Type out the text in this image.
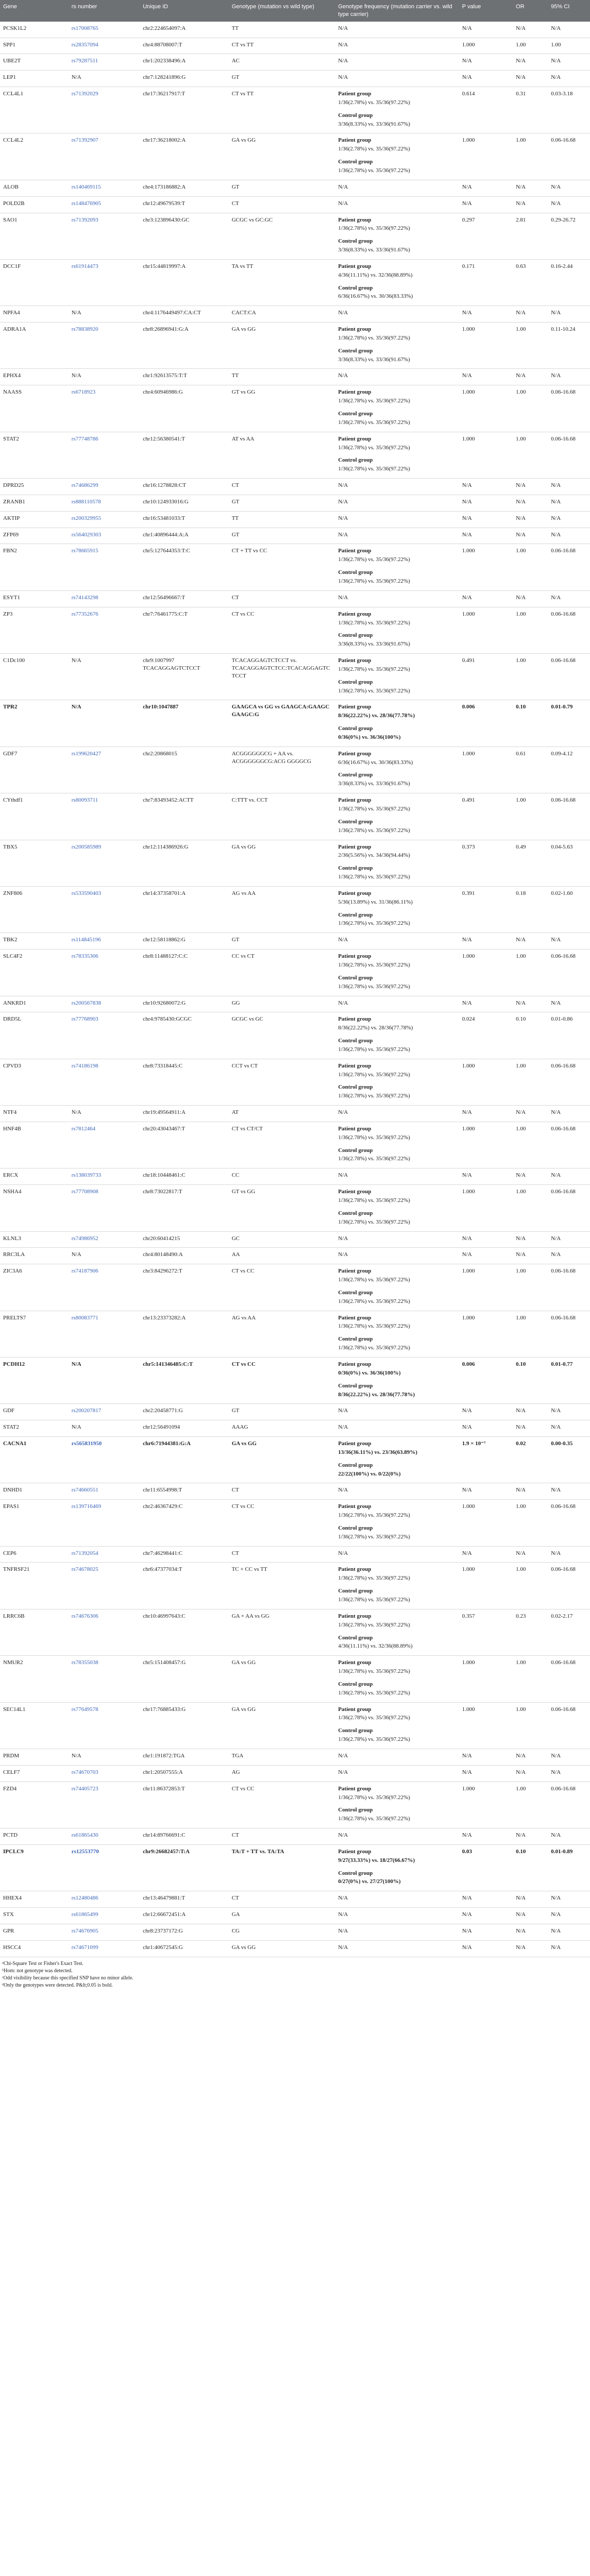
Gene	rs number	Unique ID	Genotype (mutation vs wild type)	Genotype frequency (mutation carrier vs. wild type carrier)	P value	OR	95% CI
PCSK1L2	rs17008765	chr2:224654097:A	TT	N/A	N/A	N/A	N/A
SPP1	rs28357094	chr4:88708007:T	CT vs TT	N/A	1.000	1.00	1.00
UBE2T	rs79287511	chr1:202338496:A	AC	N/A	N/A	N/A	N/A
LEP1	N/A	chr7:128241896:G	GT	N/A	N/A	N/A	N/A
CCL4L1	rs71392029	chr17:36217917:T	CT vs TT	Patient group
1/36(2.78%) vs. 35/36(97.22%)
Control group
3/36(8.33%) vs. 33/36(91.67%)	0.614	0.31	0.03-3.18
CCL4L2	rs71392907	chr17:36218002:A	GA vs GG	Patient group
1/36(2.78%) vs. 35/36(97.22%)
Control group
1/36(2.78%) vs. 35/36(97.22%)	1.000	1.00	0.06-16.68
ALOB	rs140469115	chr4:173186882:A	GT	N/A	N/A	N/A	N/A
POLD2B	rs148476905	chr12:49679539:T	CT	N/A	N/A	N/A	N/A
SAO1	rs71392093	chr3:123896430:GC	GCGC vs GC:GC	Patient group
1/36(2.78%) vs. 35/36(97.22%)
Control group
3/36(8.33%) vs. 33/36(91.67%)	0.297	2.81	0.29-26.72
DCC1F	rs61914473	chr15:44819997:A	TA vs TT	Patient group
4/36(11.11%) vs. 32/36(88.89%)
Control group
6/36(16.67%) vs. 30/36(83.33%)	0.171	0.63	0.16-2.44
NPFA4	N/A	chr4:1176449497:CA:CT	CACT:CA	N/A	N/A	N/A	N/A
ADRA1A	rs78838920	chr8:26896941:G:A	GA vs GG	Patient group
1/36(2.78%) vs. 35/36(97.22%)
Control group
3/36(8.33%) vs. 33/36(91.67%)	1.000	1.00	0.11-10.24
EPHX4	N/A	chr1:92613575:T:T	TT	N/A	N/A	N/A	N/A
NAASS	rs6718923	chr4:60946986:G	GT vs GG	Patient group
1/36(2.78%) vs. 35/36(97.22%)
Control group
1/36(2.78%) vs. 35/36(97.22%)	1.000	1.00	0.06-16.68
STAT2	rs77748786	chr12:56380541:T	AT vs AA	Patient group
1/36(2.78%) vs. 35/36(97.22%)
Control group
1/36(2.78%) vs. 35/36(97.22%)	1.000	1.00	0.06-16.68
DPRD25	rs74686299	chr16:1278828:CT	CT	N/A	N/A	N/A	N/A
ZRANB1	rs888110578	chr10:124933016:G	GT	N/A	N/A	N/A	N/A
AKTIP	rs200329955	chr16:53481033:T	TT	N/A	N/A	N/A	N/A
ZFP69	rs564029303	chr1:40896444:A:A	GT	N/A	N/A	N/A	N/A
FBN2	rs78665915	chr5:127644353:T:C	CT + TT vs CC	Patient group
1/36(2.78%) vs. 35/36(97.22%)
Control group
1/36(2.78%) vs. 35/36(97.22%)	1.000	1.00	0.06-16.68
ESYT1	rs74143298	chr12:56496667:T	CT	N/A	N/A	N/A	N/A
ZP3	rs77352676	chr7:76461775:C:T	CT vs CC	Patient group
1/36(2.78%) vs. 35/36(97.22%)
Control group
3/36(8.33%) vs. 33/36(91.67%)	1.000	1.00	0.06-16.68
C1Dc100	N/A	chr9:1007997 TCACAGGAGTCTCCT	TCACAGGAGTCTCCT vs. TCACAGGAGTCTCC:TCACAGGAGTCTCCT	Patient group
1/36(2.78%) vs. 35/36(97.22%)
Control group
1/36(2.78%) vs. 35/36(97.22%)	0.491	1.00	0.06-16.68
TPR2	N/A	chr10:1047887	GAAGCA vs GG vs GAAGCA:GAAGC GAAGC:G	Patient group
8/36(22.22%) vs. 28/36(77.78%)
Control group
0/36(0%) vs. 36/36(100%)	0.006	0.10	0.01-0.79
GDF7	rs199620427	chr2:20868015	ACGGGGGGCG + AA vs. ACGGGGGGCG:ACG GGGGCG	Patient group
6/36(16.67%) vs. 30/36(83.33%)
Control group
3/36(8.33%) vs. 33/36(91.67%)	1.000	0.61	0.09-4.12
CYthdf1	rs80093711	chr7:83493452:ACTT	C:TTT vs. CCT	Patient group
1/36(2.78%) vs. 35/36(97.22%)
Control group
1/36(2.78%) vs. 35/36(97.22%)	0.491	1.00	0.06-16.68
TBX5	rs200585989	chr12:114386926:G	GA vs GG	Patient group
2/36(5.56%) vs. 34/36(94.44%)
Control group
1/36(2.78%) vs. 35/36(97.22%)	0.373	0.49	0.04-5.63
ZNF806	rs533590403	chr14:37358701:A	AG vs AA	Patient group
5/36(13.89%) vs. 31/36(86.11%)
Control group
1/36(2.78%) vs. 35/36(97.22%)	0.391	0.18	0.02-1.60
TBK2	rs114845196	chr12:58118862:G	GT	N/A	N/A	N/A	N/A
SLC4F2	rs78335306	chr8:11488127:C:C	CC vs CT	Patient group
1/36(2.78%) vs. 35/36(97.22%)
Control group
1/36(2.78%) vs. 35/36(97.22%)	1.000	1.00	0.06-16.68
ANKRD1	rs200567838	chr10:92680072:G	GG	N/A	N/A	N/A	N/A
DRD5L	rs77768903	chr4:9785430:GCGC	GCGC vs GC	Patient group
8/36(22.22%) vs. 28/36(77.78%)
Control group
1/36(2.78%) vs. 35/36(97.22%)	0.024	0.10	0.01-0.86
CPVD3	rs74186198	chr8:73318445:C	CCT vs CT	Patient group
1/36(2.78%) vs. 35/36(97.22%)
Control group
1/36(2.78%) vs. 35/36(97.22%)	1.000	1.00	0.06-16.68
NTF4	N/A	chr19:49564911:A	AT	N/A	N/A	N/A	N/A
HNF4B	rs7812464	chr20:43043467:T	CT vs CT/CT	Patient group
1/36(2.78%) vs. 35/36(97.22%)
Control group
1/36(2.78%) vs. 35/36(97.22%)	1.000	1.00	0.06-16.68
ERCX	rs138039733	chr18:10448461:C	CC	N/A	N/A	N/A	N/A
NSHA4	rs77708908	chr8:73022817:T	GT vs GG	Patient group
1/36(2.78%) vs. 35/36(97.22%)
Control group
1/36(2.78%) vs. 35/36(97.22%)	1.000	1.00	0.06-16.68
KLNL3	rs74986952	chr20:60414215	GC	N/A	N/A	N/A	N/A
RRC3LA	N/A	chr4:80148490:A	AA	N/A	N/A	N/A	N/A
ZIC3A6	rs74187906	chr3:84296272:T	CT vs CC	Patient group
1/36(2.78%) vs. 35/36(97.22%)
Control group
1/36(2.78%) vs. 35/36(97.22%)	1.000	1.00	0.06-16.68
PRELTS7	rs80083771	chr13:23373282:A	AG vs AA	Patient group
1/36(2.78%) vs. 35/36(97.22%)
Control group
1/36(2.78%) vs. 35/36(97.22%)	1.000	1.00	0.06-16.68
PCDH12	N/A	chr5:141346485:C:T	CT vs CC	Patient group
0/36(0%) vs. 36/36(100%)
Control group
8/36(22.22%) vs. 28/36(77.78%)	0.006	0.10	0.01-0.77
GDF	rs200207817	chr2:20458771:G	GT	N/A	N/A	N/A	N/A
STAT2	N/A	chr12:56491094	AAAG	N/A	N/A	N/A	N/A
CACNA1	rs565831950	chr6:71944381:G:A	GA vs GG	Patient group
13/36(36.11%) vs. 23/36(63.89%)
Control group
22/22(100%) vs. 0/22(0%)	1.9 × 10⁻⁷	0.02	0.00-0.35
DNHD1	rs74660551	chr11:6554998:T	CT	N/A	N/A	N/A	N/A
EPAS1	rs139716469	chr2:46367429:C	CT vs CC	Patient group
1/36(2.78%) vs. 35/36(97.22%)
Control group
1/36(2.78%) vs. 35/36(97.22%)	1.000	1.00	0.06-16.68
CEP6	rs71392054	chr7:46298441:C	CT	N/A	N/A	N/A	N/A
TNFRSF21	rs74678025	chr6:47377034:T	TC + CC vs TT	Patient group
1/36(2.78%) vs. 35/36(97.22%)
Control group
1/36(2.78%) vs. 35/36(97.22%)	1.000	1.00	0.06-16.68
LRRC6B	rs74676306	chr10:46997643:C	GA + AA vs GG	Patient group
1/36(2.78%) vs. 35/36(97.22%)
Control group
4/36(11.11%) vs. 32/36(88.89%)	0.357	0.23	0.02-2.17
NMUR2	rs78355038	chr5:151408457:G	GA vs GG	Patient group
1/36(2.78%) vs. 35/36(97.22%)
Control group
1/36(2.78%) vs. 35/36(97.22%)	1.000	1.00	0.06-16.68
SEC14L1	rs77649578	chr17:76885433:G	GA vs GG	Patient group
1/36(2.78%) vs. 35/36(97.22%)
Control group
1/36(2.78%) vs. 35/36(97.22%)	1.000	1.00	0.06-16.68
PRDM	N/A	chr1:191872:TGA	TGA	N/A	N/A	N/A	N/A
CELF7	rs74670703	chr1:20507555:A	AG	N/A	N/A	N/A	N/A
FZD4	rs74405723	chr11:86372853:T	CT vs CC	Patient group
1/36(2.78%) vs. 35/36(97.22%)
Control group
1/36(2.78%) vs. 35/36(97.22%)	1.000	1.00	0.06-16.68
PCTD	rs61865430	chr14:89766691:C	CT	N/A	N/A	N/A	N/A
IPCLC9	rs12553770	chr9:26682457:T:A	TA:T + TT vs. TA:TA	Patient group
9/27(33.33%) vs. 18/27(66.67%)
Control group
0/27(0%) vs. 27/27(100%)	0.03	0.10	0.01-0.89
HHEX4	rs12480486	chr13:46479881:T	CT	N/A	N/A	N/A	N/A
STX	rs61865499	chr12:66672451:A	GA	N/A	N/A	N/A	N/A
GPR	rs74676905	chr8:23737172:G	CG	N/A	N/A	N/A	N/A
HSCC4	rs74671099	chr1:40672545:G	GA vs GG	N/A	N/A	N/A	N/A

ᵃChi-Square Test or Fisher's Exact Test.

ᵇHom: not genotype was detected.

ᶜOdd visibility because this specified SNP have no minor allele.

ᵈOnly the genotypes were detected. P&lt;0.05 is bold.
